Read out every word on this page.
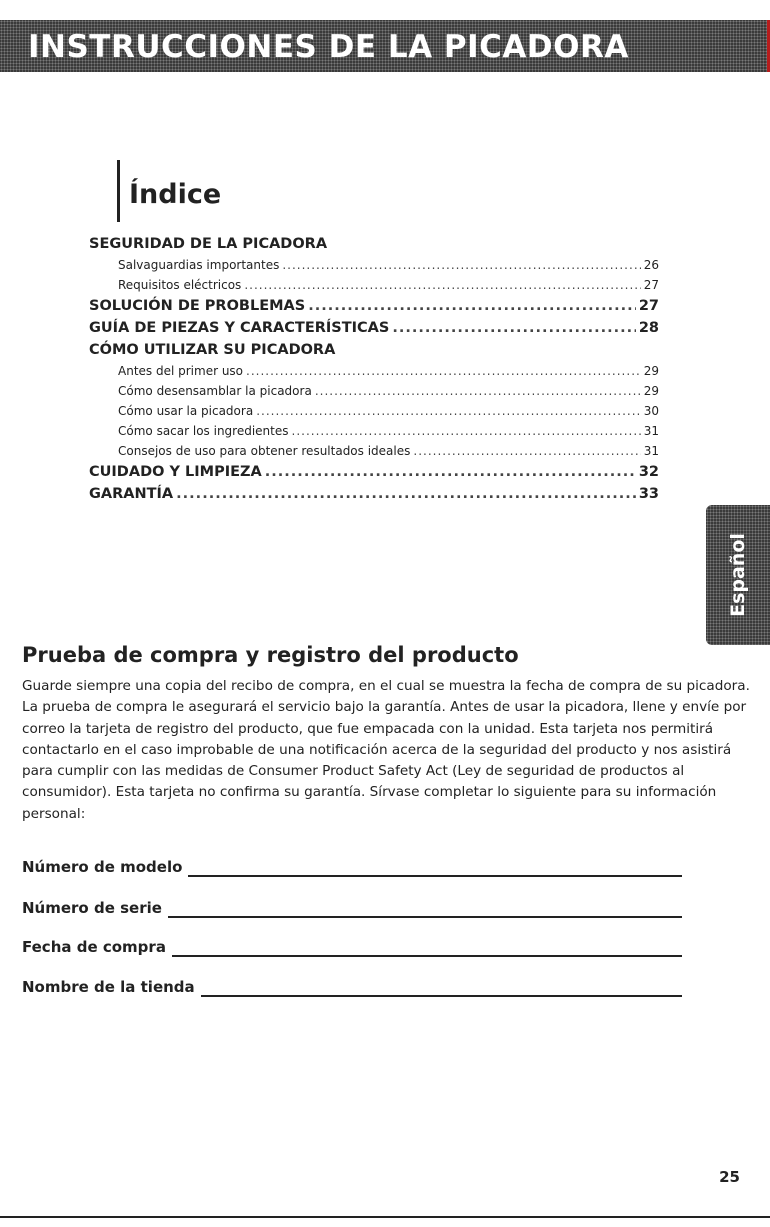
INSTRUCCIONES DE LA PICADORA
Índice
SEGURIDAD DE LA PICADORA
Salvaguardias importantes .....	26
Requisitos eléctricos .....	27
SOLUCIÓN DE PROBLEMAS .....	27
GUÍA DE PIEZAS Y CARACTERÍSTICAS .....	28
CÓMO UTILIZAR SU PICADORA
Antes del primer uso .....	29
Cómo desensamblar la picadora .....	29
Cómo usar la picadora .....	30
Cómo sacar los ingredientes .....	31
Consejos de uso para obtener resultados ideales .....	31
CUIDADO Y LIMPIEZA .....	32
GARANTÍA .....	33
Español
Prueba de compra y registro del producto

Guarde siempre una copia del recibo de compra, en el cual se muestra la fecha de compra de su picadora. La prueba de compra le asegurará el servicio bajo la garantía. Antes de usar la picadora, llene y envíe por correo la tarjeta de registro del producto, que fue empacada con la unidad. Esta tarjeta nos permitirá contactarlo en el caso improbable de una notificación acerca de la seguridad del producto y nos asistirá para cumplir con las medidas de Consumer Product Safety Act (Ley de seguridad de productos al consumidor). Esta tarjeta no confirma su garantía. Sírvase completar lo siguiente para su información personal:

Número de modelo
Número de serie
Fecha de compra
Nombre de la tienda
25
